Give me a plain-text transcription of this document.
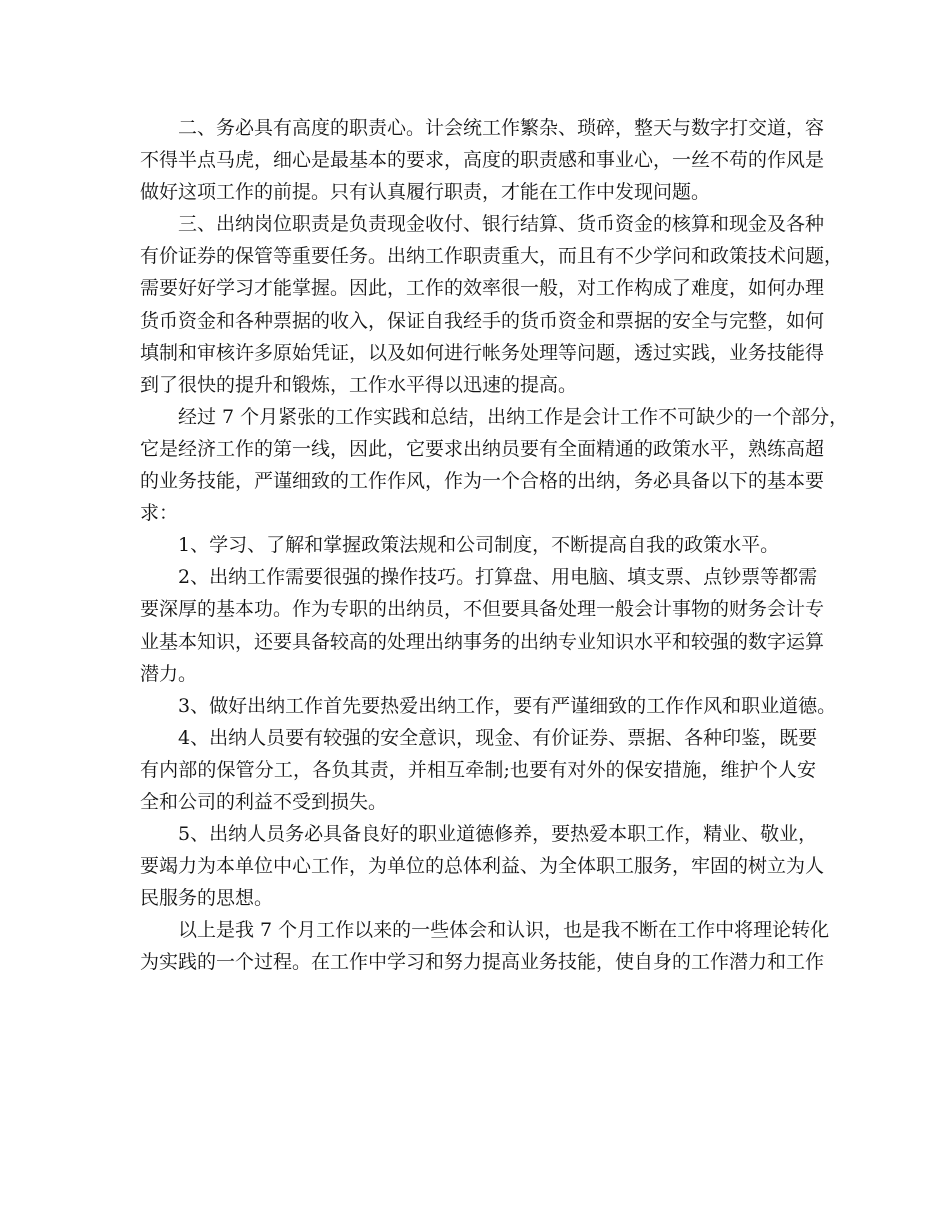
二、务必具有高度的职责心。计会统工作繁杂、琐碎，整天与数字打交道，容
不得半点马虎，细心是最基本的要求，高度的职责感和事业心，一丝不苟的作风是
做好这项工作的前提。只有认真履行职责，才能在工作中发现问题。
三、出纳岗位职责是负责现金收付、银行结算、货币资金的核算和现金及各种
有价证券的保管等重要任务。出纳工作职责重大，而且有不少学问和政策技术问题，
需要好好学习才能掌握。因此，工作的效率很一般，对工作构成了难度，如何办理
货币资金和各种票据的收入，保证自我经手的货币资金和票据的安全与完整，如何
填制和审核许多原始凭证，以及如何进行帐务处理等问题，透过实践，业务技能得
到了很快的提升和锻炼，工作水平得以迅速的提高。
经过 7 个月紧张的工作实践和总结，出纳工作是会计工作不可缺少的一个部分，
它是经济工作的第一线，因此，它要求出纳员要有全面精通的政策水平，熟练高超
的业务技能，严谨细致的工作作风，作为一个合格的出纳，务必具备以下的基本要
求：
1、学习、了解和掌握政策法规和公司制度，不断提高自我的政策水平。
2、出纳工作需要很强的操作技巧。打算盘、用电脑、填支票、点钞票等都需
要深厚的基本功。作为专职的出纳员，不但要具备处理一般会计事物的财务会计专
业基本知识，还要具备较高的处理出纳事务的出纳专业知识水平和较强的数字运算
潜力。
3、做好出纳工作首先要热爱出纳工作，要有严谨细致的工作作风和职业道德。
4、出纳人员要有较强的安全意识，现金、有价证券、票据、各种印鉴，既要
有内部的保管分工，各负其责，并相互牵制;也要有对外的保安措施，维护个人安
全和公司的利益不受到损失。
5、出纳人员务必具备良好的职业道德修养，要热爱本职工作，精业、敬业，
要竭力为本单位中心工作，为单位的总体利益、为全体职工服务，牢固的树立为人
民服务的思想。
以上是我 7 个月工作以来的一些体会和认识，也是我不断在工作中将理论转化
为实践的一个过程。在工作中学习和努力提高业务技能，使自身的工作潜力和工作
